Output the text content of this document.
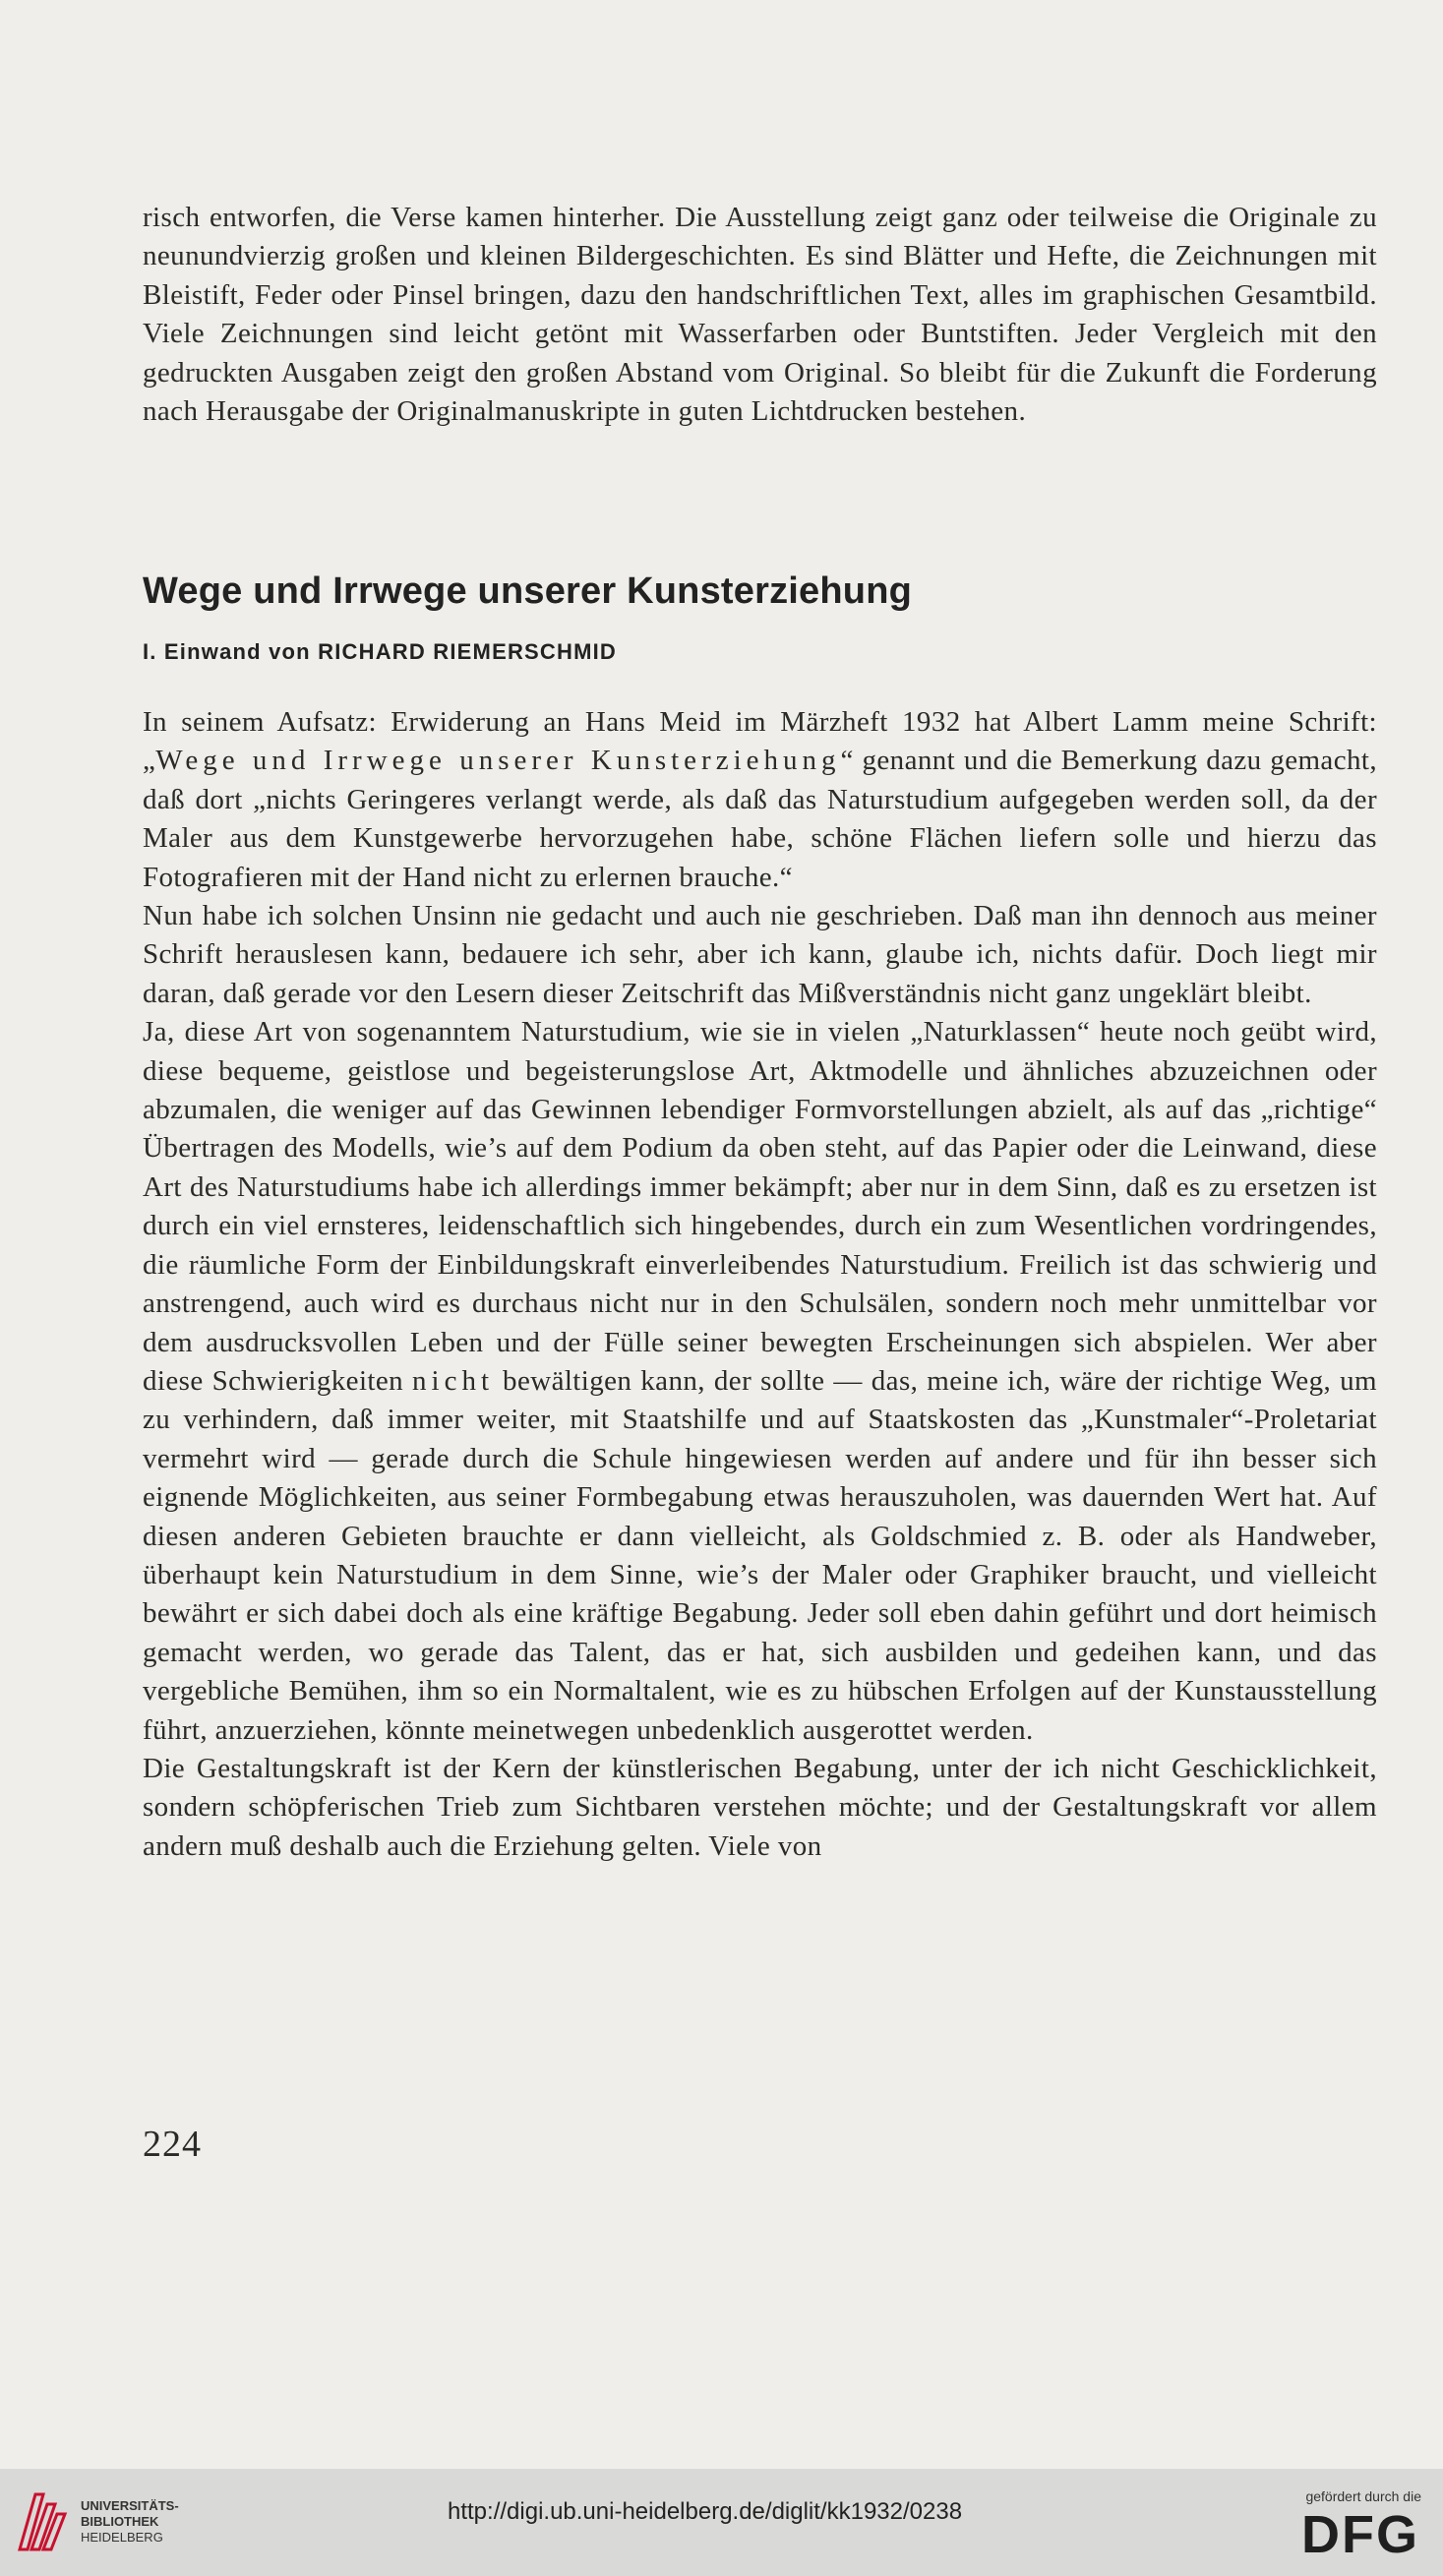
risch entworfen, die Verse kamen hinterher. Die Ausstellung zeigt ganz oder teilweise die Originale zu neunundvierzig großen und kleinen Bildergeschichten. Es sind Blätter und Hefte, die Zeichnungen mit Bleistift, Feder oder Pinsel bringen, dazu den handschriftlichen Text, alles im graphischen Gesamtbild. Viele Zeichnungen sind leicht getönt mit Wasserfarben oder Buntstiften. Jeder Vergleich mit den gedruckten Ausgaben zeigt den großen Abstand vom Original. So bleibt für die Zukunft die Forderung nach Herausgabe der Originalmanuskripte in guten Lichtdrucken bestehen.

Wege und Irrwege unserer Kunsterziehung
I. Einwand von RICHARD RIEMERSCHMID

In seinem Aufsatz: Erwiderung an Hans Meid im Märzheft 1932 hat Albert Lamm meine Schrift: „Wege und Irrwege unserer Kunsterziehung“ genannt und die Bemerkung dazu gemacht, daß dort „nichts Geringeres verlangt werde, als daß das Naturstudium aufgegeben werden soll, da der Maler aus dem Kunstgewerbe hervorzugehen habe, schöne Flächen liefern solle und hierzu das Fotografieren mit der Hand nicht zu erlernen brauche.“

Nun habe ich solchen Unsinn nie gedacht und auch nie geschrieben. Daß man ihn dennoch aus meiner Schrift herauslesen kann, bedauere ich sehr, aber ich kann, glaube ich, nichts dafür. Doch liegt mir daran, daß gerade vor den Lesern dieser Zeitschrift das Mißverständnis nicht ganz ungeklärt bleibt.

Ja, diese Art von sogenanntem Naturstudium, wie sie in vielen „Naturklassen“ heute noch geübt wird, diese bequeme, geistlose und begeisterungslose Art, Aktmodelle und ähnliches abzuzeichnen oder abzumalen, die weniger auf das Gewinnen lebendiger Formvorstellungen abzielt, als auf das „richtige“ Übertragen des Modells, wie’s auf dem Podium da oben steht, auf das Papier oder die Leinwand, diese Art des Naturstudiums habe ich allerdings immer bekämpft; aber nur in dem Sinn, daß es zu ersetzen ist durch ein viel ernsteres, leidenschaftlich sich hingebendes, durch ein zum Wesentlichen vordringendes, die räumliche Form der Einbildungskraft einverleibendes Naturstudium. Freilich ist das schwierig und anstrengend, auch wird es durchaus nicht nur in den Schulsälen, sondern noch mehr unmittelbar vor dem ausdrucksvollen Leben und der Fülle seiner bewegten Erscheinungen sich abspielen. Wer aber diese Schwierigkeiten nicht bewältigen kann, der sollte — das, meine ich, wäre der richtige Weg, um zu verhindern, daß immer weiter, mit Staatshilfe und auf Staatskosten das „Kunstmaler“-Proletariat vermehrt wird — gerade durch die Schule hingewiesen werden auf andere und für ihn besser sich eignende Möglichkeiten, aus seiner Formbegabung etwas herauszuholen, was dauernden Wert hat. Auf diesen anderen Gebieten brauchte er dann vielleicht, als Goldschmied z. B. oder als Handweber, überhaupt kein Naturstudium in dem Sinne, wie’s der Maler oder Graphiker braucht, und vielleicht bewährt er sich dabei doch als eine kräftige Begabung. Jeder soll eben dahin geführt und dort heimisch gemacht werden, wo gerade das Talent, das er hat, sich ausbilden und gedeihen kann, und das vergebliche Bemühen, ihm so ein Normaltalent, wie es zu hübschen Erfolgen auf der Kunstausstellung führt, anzuerziehen, könnte meinetwegen unbedenklich ausgerottet werden.

Die Gestaltungskraft ist der Kern der künstlerischen Begabung, unter der ich nicht Geschicklichkeit, sondern schöpferischen Trieb zum Sichtbaren verstehen möchte; und der Gestaltungskraft vor allem andern muß deshalb auch die Erziehung gelten. Viele von

224
UNIVERSITÄTS-
BIBLIOTHEK
HEIDELBERG
http://digi.ub.uni-heidelberg.de/diglit/kk1932/0238
gefördert durch die
DFG
